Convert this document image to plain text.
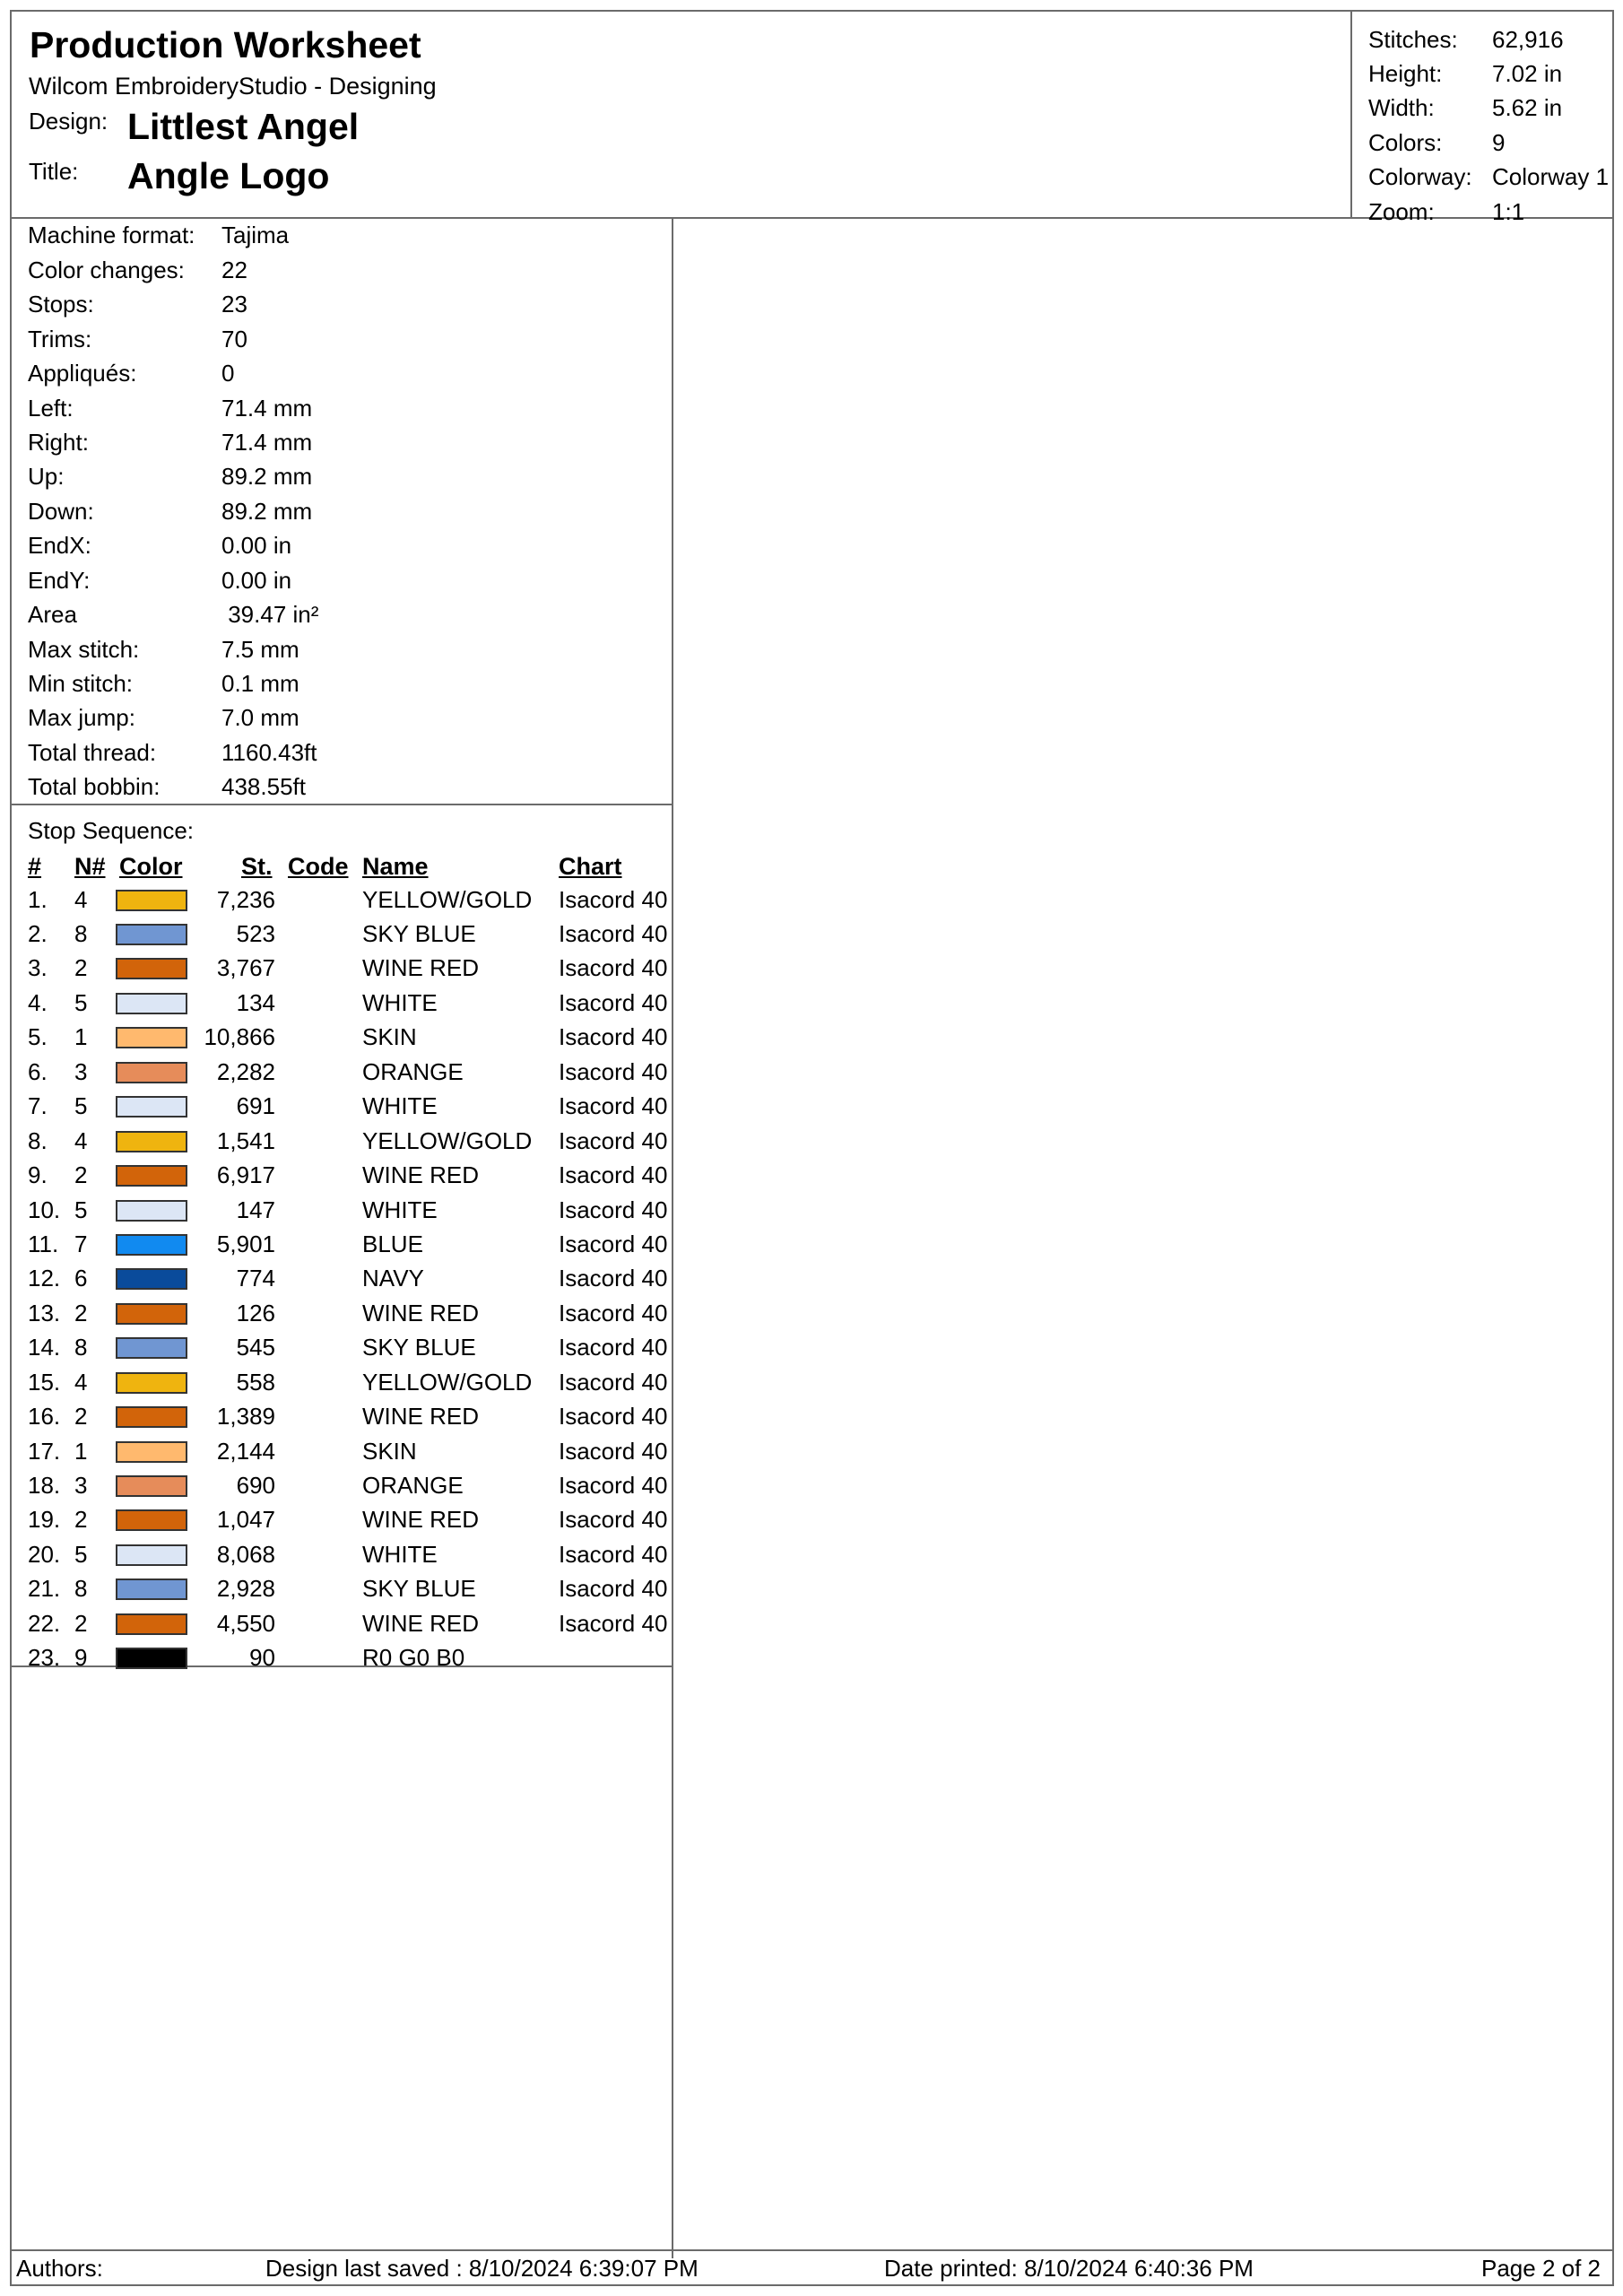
Production Worksheet
Wilcom EmbroideryStudio - Designing
Design: Littlest Angel
Title: Angle Logo
Stitches: 62,916
Height: 7.02 in
Width: 5.62 in
Colors: 9
Colorway: Colorway 1
Zoom: 1:1
Machine format: Tajima
Color changes: 22
Stops:	23
Trims:	70
Appliqués:	0
Left:	71.4 mm
Right:	71.4 mm
Up:	89.2 mm
Down:	89.2 mm
EndX:	0.00 in
EndY:	0.00 in
Area	39.47 in²
Max stitch:	7.5 mm
Min stitch:	0.1 mm
Max jump:	7.0 mm
Total thread:	1160.43ft
Total bobbin:	438.55ft
Stop Sequence:
# N# Color St. Code Name	Chart
1. 4	7,236	YELLOW/GOLD Isacord 40
2. 8	523	SKY BLUE	Isacord 40
3. 2	3,767	WINE RED	Isacord 40
4. 5	134	WHITE	Isacord 40
5. 1	10,866	SKIN	Isacord 40
6. 3	2,282	ORANGE	Isacord 40
7. 5	691	WHITE	Isacord 40
8. 4	1,541	YELLOW/GOLD Isacord 40
9. 2	6,917	WINE RED	Isacord 40
10. 5	147	WHITE	Isacord 40
11. 7	5,901	BLUE	Isacord 40
12. 6	774	NAVY	Isacord 40
13. 2	126	WINE RED	Isacord 40
14. 8	545	SKY BLUE	Isacord 40
15. 4	558	YELLOW/GOLD Isacord 40
16. 2	1,389	WINE RED	Isacord 40
17. 1	2,144	SKIN	Isacord 40
18. 3	690	ORANGE	Isacord 40
19. 2	1,047	WINE RED	Isacord 40
20. 5	8,068	WHITE	Isacord 40
21. 8	2,928	SKY BLUE	Isacord 40
22. 2	4,550	WINE RED	Isacord 40
23. 9	90	R0 G0 B0
Authors:	Design last saved : 8/10/2024 6:39:07 PM	Date printed: 8/10/2024 6:40:36 PM	Page 2 of 2
